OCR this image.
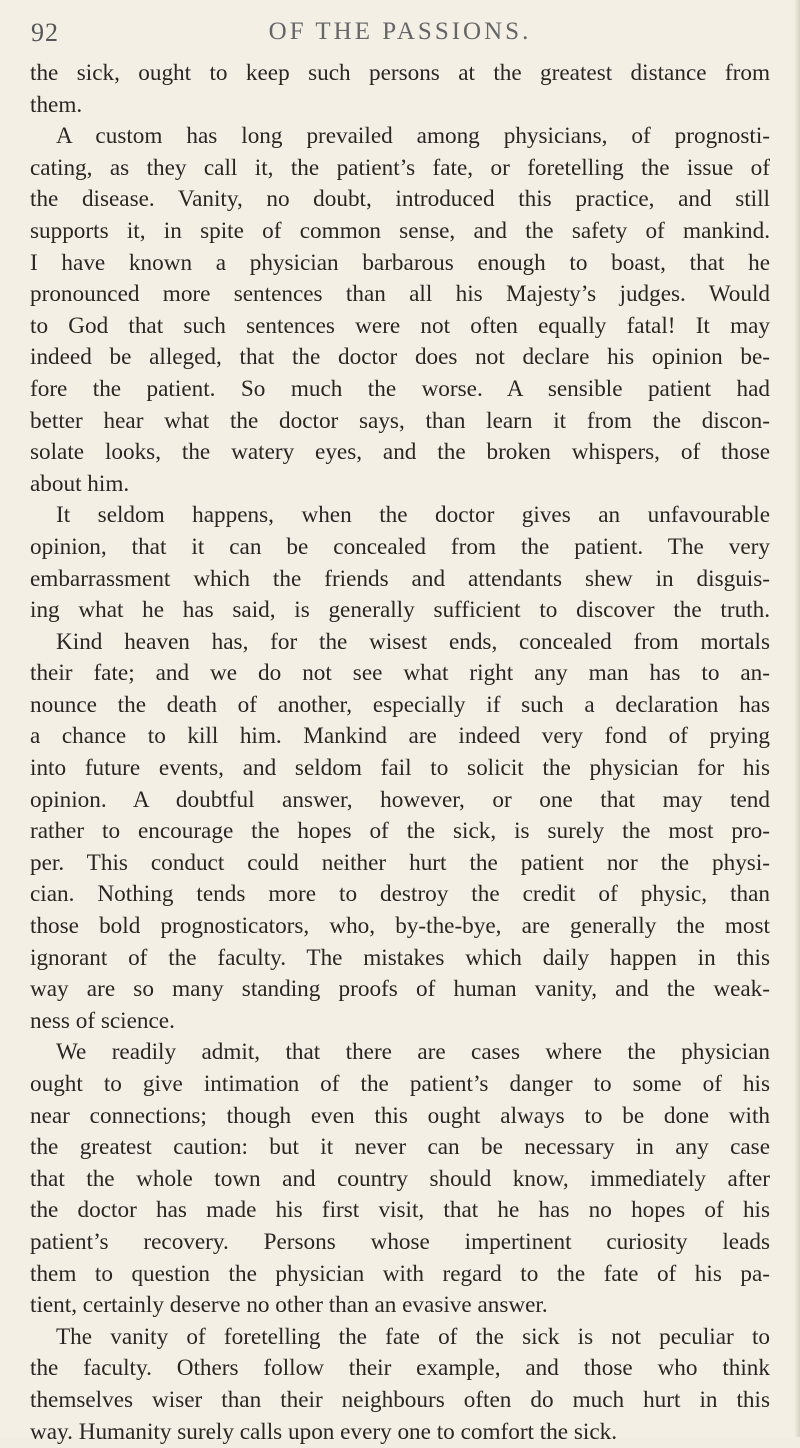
92	OF THE PASSIONS.
the sick, ought to keep such persons at the greatest distance from
them.
A custom has long prevailed among physicians, of prognosti-
cating, as they call it, the patient’s fate, or foretelling the issue of
the disease. Vanity, no doubt, introduced this practice, and still
supports it, in spite of common sense, and the safety of mankind.
I have known a physician barbarous enough to boast, that he
pronounced more sentences than all his Majesty’s judges. Would
to God that such sentences were not often equally fatal! It may
indeed be alleged, that the doctor does not declare his opinion be-
fore the patient. So much the worse. A sensible patient had
better hear what the doctor says, than learn it from the discon-
solate looks, the watery eyes, and the broken whispers, of those
about him.
It seldom happens, when the doctor gives an unfavourable
opinion, that it can be concealed from the patient. The very
embarrassment which the friends and attendants shew in disguis-
ing what he has said, is generally sufficient to discover the truth.
Kind heaven has, for the wisest ends, concealed from mortals
their fate; and we do not see what right any man has to an-
nounce the death of another, especially if such a declaration has
a chance to kill him. Mankind are indeed very fond of prying
into future events, and seldom fail to solicit the physician for his
opinion. A doubtful answer, however, or one that may tend
rather to encourage the hopes of the sick, is surely the most pro-
per. This conduct could neither hurt the patient nor the physi-
cian. Nothing tends more to destroy the credit of physic, than
those bold prognosticators, who, by-the-bye, are generally the most
ignorant of the faculty. The mistakes which daily happen in this
way are so many standing proofs of human vanity, and the weak-
ness of science.
We readily admit, that there are cases where the physician
ought to give intimation of the patient’s danger to some of his
near connections; though even this ought always to be done with
the greatest caution: but it never can be necessary in any case
that the whole town and country should know, immediately after
the doctor has made his first visit, that he has no hopes of his
patient’s recovery. Persons whose impertinent curiosity leads
them to question the physician with regard to the fate of his pa-
tient, certainly deserve no other than an evasive answer.
The vanity of foretelling the fate of the sick is not peculiar to
the faculty. Others follow their example, and those who think
themselves wiser than their neighbours often do much hurt in this
way. Humanity surely calls upon every one to comfort the sick.
